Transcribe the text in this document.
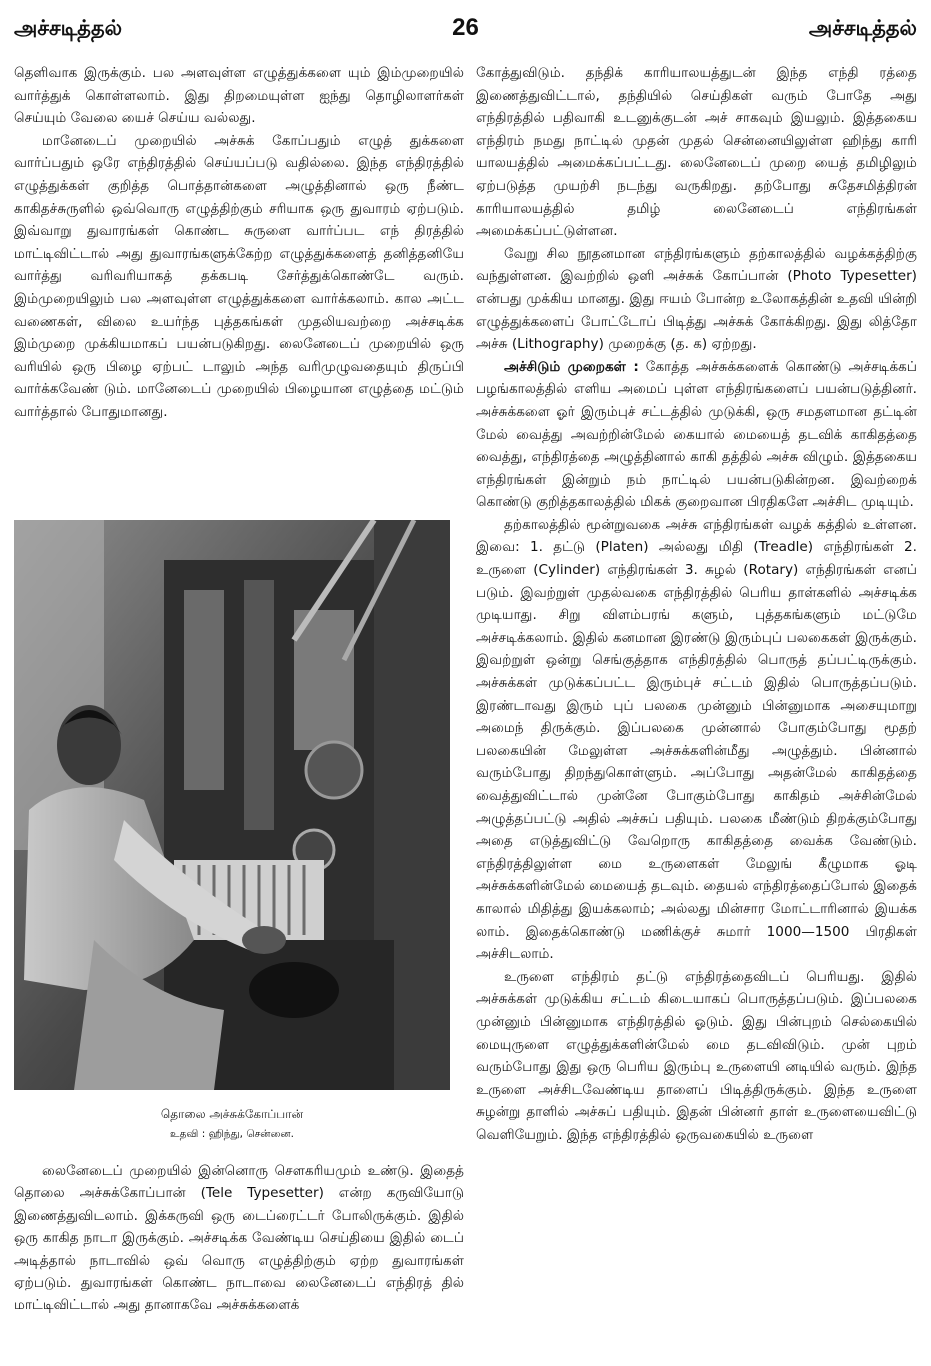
அச்சடித்தல்	26	அச்சடித்தல்

தெளிவாக இருக்கும். பல அளவுள்ள எழுத்துக்களை யும் இம்முறையில் வார்த்துக் கொள்ளலாம். இது திறமையுள்ள ஐந்து தொழிலாளர்கள் செய்யும் வேலை யைச் செய்ய வல்லது.

மானேடைப் முறையில் அச்சுக் கோப்பதும் எழுத் துக்களை வார்ப்பதும் ஒரே எந்திரத்தில் செய்யப்படு வதில்லை. இந்த எந்திரத்தில் எழுத்துக்கள் குறித்த பொத்தான்களை அழுத்தினால் ஒரு நீண்ட காகிதச்சுருளில் ஒவ்வொரு எழுத்திற்கும் சரியாக ஒரு துவாரம் ஏற்படும். இவ்வாறு துவாரங்கள் கொண்ட சுருளை வார்ப்பட எந் திரத்தில் மாட்டிவிட்டால் அது துவாரங்களுக்கேற்ற எழுத்துக்களைத் தனித்தனியே வார்த்து வரிவரியாகத் தக்கபடி சேர்த்துக்கொண்டே வரும். இம்முறையிலும் பல அளவுள்ள எழுத்துக்களை வார்க்கலாம். கால அட்ட வணைகள், விலை உயர்ந்த புத்தகங்கள் முதலியவற்றை அச்சடிக்க இம்முறை முக்கியமாகப் பயன்படுகிறது. லைனேடைப் முறையில் ஒரு வரியில் ஒரு பிழை ஏற்பட் டாலும் அந்த வரிமுழுவதையும் திருப்பி வார்க்கவேண் டும். மானேடைப் முறையில் பிழையான எழுத்தை மட்டும் வார்த்தால் போதுமானது.

தொலை அச்சுக்கோப்பான்
உதவி : ஹிந்து, சென்னை.

லைனேடைப் முறையில் இன்னொரு சௌகரியமும் உண்டு. இதைத் தொலை அச்சுக்கோப்பான் (Tele Typesetter) என்ற கருவியோடு இணைத்துவிடலாம். இக்கருவி ஒரு டைப்ரைட்டர் போலிருக்கும். இதில் ஒரு காகித நாடா இருக்கும். அச்சடிக்க வேண்டிய செய்தியை இதில் டைப் அடித்தால் நாடாவில் ஒவ் வொரு எழுத்திற்கும் ஏற்ற துவாரங்கள் ஏற்படும். துவாரங்கள் கொண்ட நாடாவை லைனேடைப் எந்திரத் தில் மாட்டிவிட்டால் அது தானாகவே அச்சுக்களைக்

கோத்துவிடும். தந்திக் காரியாலயத்துடன் இந்த எந்தி ரத்தை இணைத்துவிட்டால், தந்தியில் செய்திகள் வரும் போதே அது எந்திரத்தில் பதிவாகி உடனுக்குடன் அச் சாகவும் இயலும். இத்தகைய எந்திரம் நமது நாட்டில் முதன் முதல் சென்னையிலுள்ள ஹிந்து காரி யாலயத்தில் அமைக்கப்பட்டது. லைனேடைப் முறை யைத் தமிழிலும் ஏற்படுத்த முயற்சி நடந்து வருகிறது. தற்போது சுதேசமித்திரன் காரியாலயத்தில் தமிழ் லைனேடைப் எந்திரங்கள் அமைக்கப்பட்டுள்ளன.

வேறு சில நூதனமான எந்திரங்களும் தற்காலத்தில் வழக்கத்திற்கு வந்துள்ளன. இவற்றில் ஒளி அச்சுக் கோப்பான் (Photo Typesetter) என்பது முக்கிய மானது. இது ஈயம் போன்ற உலோகத்தின் உதவி யின்றி எழுத்துக்களைப் போட்டோப் பிடித்து அச்சுக் கோக்கிறது. இது லித்தோ அச்சு (Lithography) முறைக்கு (த. க) ஏற்றது.

அச்சிடும் முறைகள் : கோத்த அச்சுக்களைக் கொண்டு அச்சடிக்கப் பழங்காலத்தில் எளிய அமைப் புள்ள எந்திரங்களைப் பயன்படுத்தினர். அச்சுக்களை ஓர் இரும்புச் சட்டத்தில் முடுக்கி, ஒரு சமதளமான தட்டின் மேல் வைத்து அவற்றின்மேல் கையால் மையைத் தடவிக் காகிதத்தை வைத்து, எந்திரத்தை அழுத்தினால் காகி தத்தில் அச்சு விழும். இத்தகைய எந்திரங்கள் இன்றும் நம் நாட்டில் பயன்படுகின்றன. இவற்றைக் கொண்டு குறித்தகாலத்தில் மிகக் குறைவான பிரதிகளே அச்சிட முடியும்.

தற்காலத்தில் மூன்றுவகை அச்சு எந்திரங்கள் வழக் கத்தில் உள்ளன. இவை: 1. தட்டு (Platen) அல்லது மிதி (Treadle) எந்திரங்கள் 2. உருளை (Cylinder) எந்திரங்கள் 3. சுழல் (Rotary) எந்திரங்கள் எனப் படும். இவற்றுள் முதல்வகை எந்திரத்தில் பெரிய தாள்களில் அச்சடிக்க முடியாது. சிறு விளம்பரங் களும், புத்தகங்களும் மட்டுமே அச்சடிக்கலாம். இதில் கனமான இரண்டு இரும்புப் பலகைகள் இருக்கும். இவற்றுள் ஒன்று செங்குத்தாக எந்திரத்தில் பொருத் தப்பட்டிருக்கும். அச்சுக்கள் முடுக்கப்பட்ட இரும்புச் சட்டம் இதில் பொருத்தப்படும். இரண்டாவது இரும் புப் பலகை முன்னும் பின்னுமாக அசையுமாறு அமைந் திருக்கும். இப்பலகை முன்னால் போகும்போது மூதற் பலகையின் மேலுள்ள அச்சுக்களின்மீது அழுத்தும். பின்னால் வரும்போது திறந்துகொள்ளும். அப்போது அதன்மேல் காகிதத்தை வைத்துவிட்டால் முன்னே போகும்போது காகிதம் அச்சின்மேல் அழுத்தப்பட்டு அதில் அச்சுப் பதியும். பலகை மீண்டும் திறக்கும்போது அதை எடுத்துவிட்டு வேறொரு காகிதத்தை வைக்க வேண்டும். எந்திரத்திலுள்ள மை உருளைகள் மேலுங் கீழுமாக ஓடி அச்சுக்களின்மேல் மையைத் தடவும். தையல் எந்திரத்தைப்போல் இதைக் காலால் மிதித்து இயக்கலாம்; அல்லது மின்சார மோட்டாரினால் இயக்க லாம். இதைக்கொண்டு மணிக்குச் சுமார் 1000—1500 பிரதிகள் அச்சிடலாம்.

உருளை எந்திரம் தட்டு எந்திரத்தைவிடப் பெரியது. இதில் அச்சுக்கள் முடுக்கிய சட்டம் கிடையாகப் பொருத்தப்படும். இப்பலகை முன்னும் பின்னுமாக எந்திரத்தில் ஓடும். இது பின்புறம் செல்கையில் மையுருளை எழுத்துக்களின்மேல் மை தடவிவிடும். முன் புறம் வரும்போது இது ஒரு பெரிய இரும்பு உருளையி னடியில் வரும். இந்த உருளை அச்சிடவேண்டிய தாளைப் பிடித்திருக்கும். இந்த உருளை சுழன்று தாளில் அச்சுப் பதியும். இதன் பின்னர் தாள் உருளையைவிட்டு வெளியேறும். இந்த எந்திரத்தில் ஒருவகையில் உருளை
